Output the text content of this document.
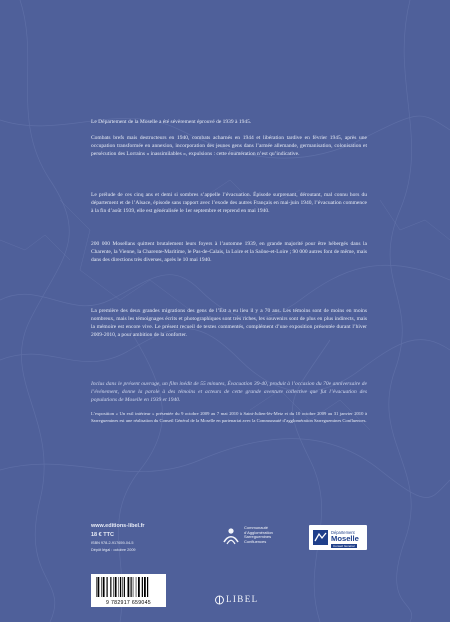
Le Département de la Moselle a été sévèrement éprouvé de 1939 à 1945.

Combats brefs mais destructeurs en 1940, combats acharnés en 1944 et libération tardive en février 1945, après une occupation transformée en annexion, incorporation des jeunes gens dans l’armée allemande, germanisation, colonisation et persécution des Lorrains « inassimilables », expulsions : cette énumération n’est qu’indicative.

Le prélude de ces cinq ans et demi si sombres s’appelle l’évacuation. Épisode surprenant, déroutant, mal connu hors du département et de l’Alsace, épisode sans rapport avec l’exode des autres Français en mai-juin 1940, l’évacuation commence à la fin d’août 1939, elle est généralisée le 1er septembre et reprend en mai 1940.

200 000 Mosellans quittent brutalement leurs foyers à l’automne 1939, en grande majorité pour être hébergés dans la Charente, la Vienne, la Charente-Maritime, le Pas-de-Calais, la Loire et la Saône-et-Loire ; 90 000 autres font de même, mais dans des directions très diverses, après le 10 mai 1940.

La première des deux grandes migrations des gens de l’Est a eu lieu il y a 70 ans. Les témoins sont de moins en moins nombreux, mais les témoignages écrits et photographiques sont très riches, les souvenirs sont de plus en plus indirects, mais la mémoire est encore vive. Le présent recueil de textes commentés, complément d’une exposition présentée durant l’hiver 2009-2010, a pour ambition de la conforter.

Inclus dans le présent ouvrage, un film inédit de 55 minutes, Évacuation 39-40, produit à l’occasion du 70e anniversaire de l’événement, donne la parole à des témoins et acteurs de cette grande aventure collective que fut l’évacuation des populations de Moselle en 1939 et 1940.

L’exposition « Un exil intérieur » présentée du 9 octobre 2009 au 7 mai 2010 à Saint-Julien-lès-Metz et du 10 octobre 2009 au 31 janvier 2010 à Sarreguemines est une réalisation du Conseil Général de la Moselle en partenariat avec la Communauté d’agglomération Sarreguemines Confluences.

www.editions-libel.fr

18 € TTC

ISBN 978-2-917659-04-5

Dépôt légal : octobre 2009

9 782917 659045
Communauté
d’Agglomération
Sarreguemines
Confluences
Département
Moselle
Conseil Général
LIBEL
